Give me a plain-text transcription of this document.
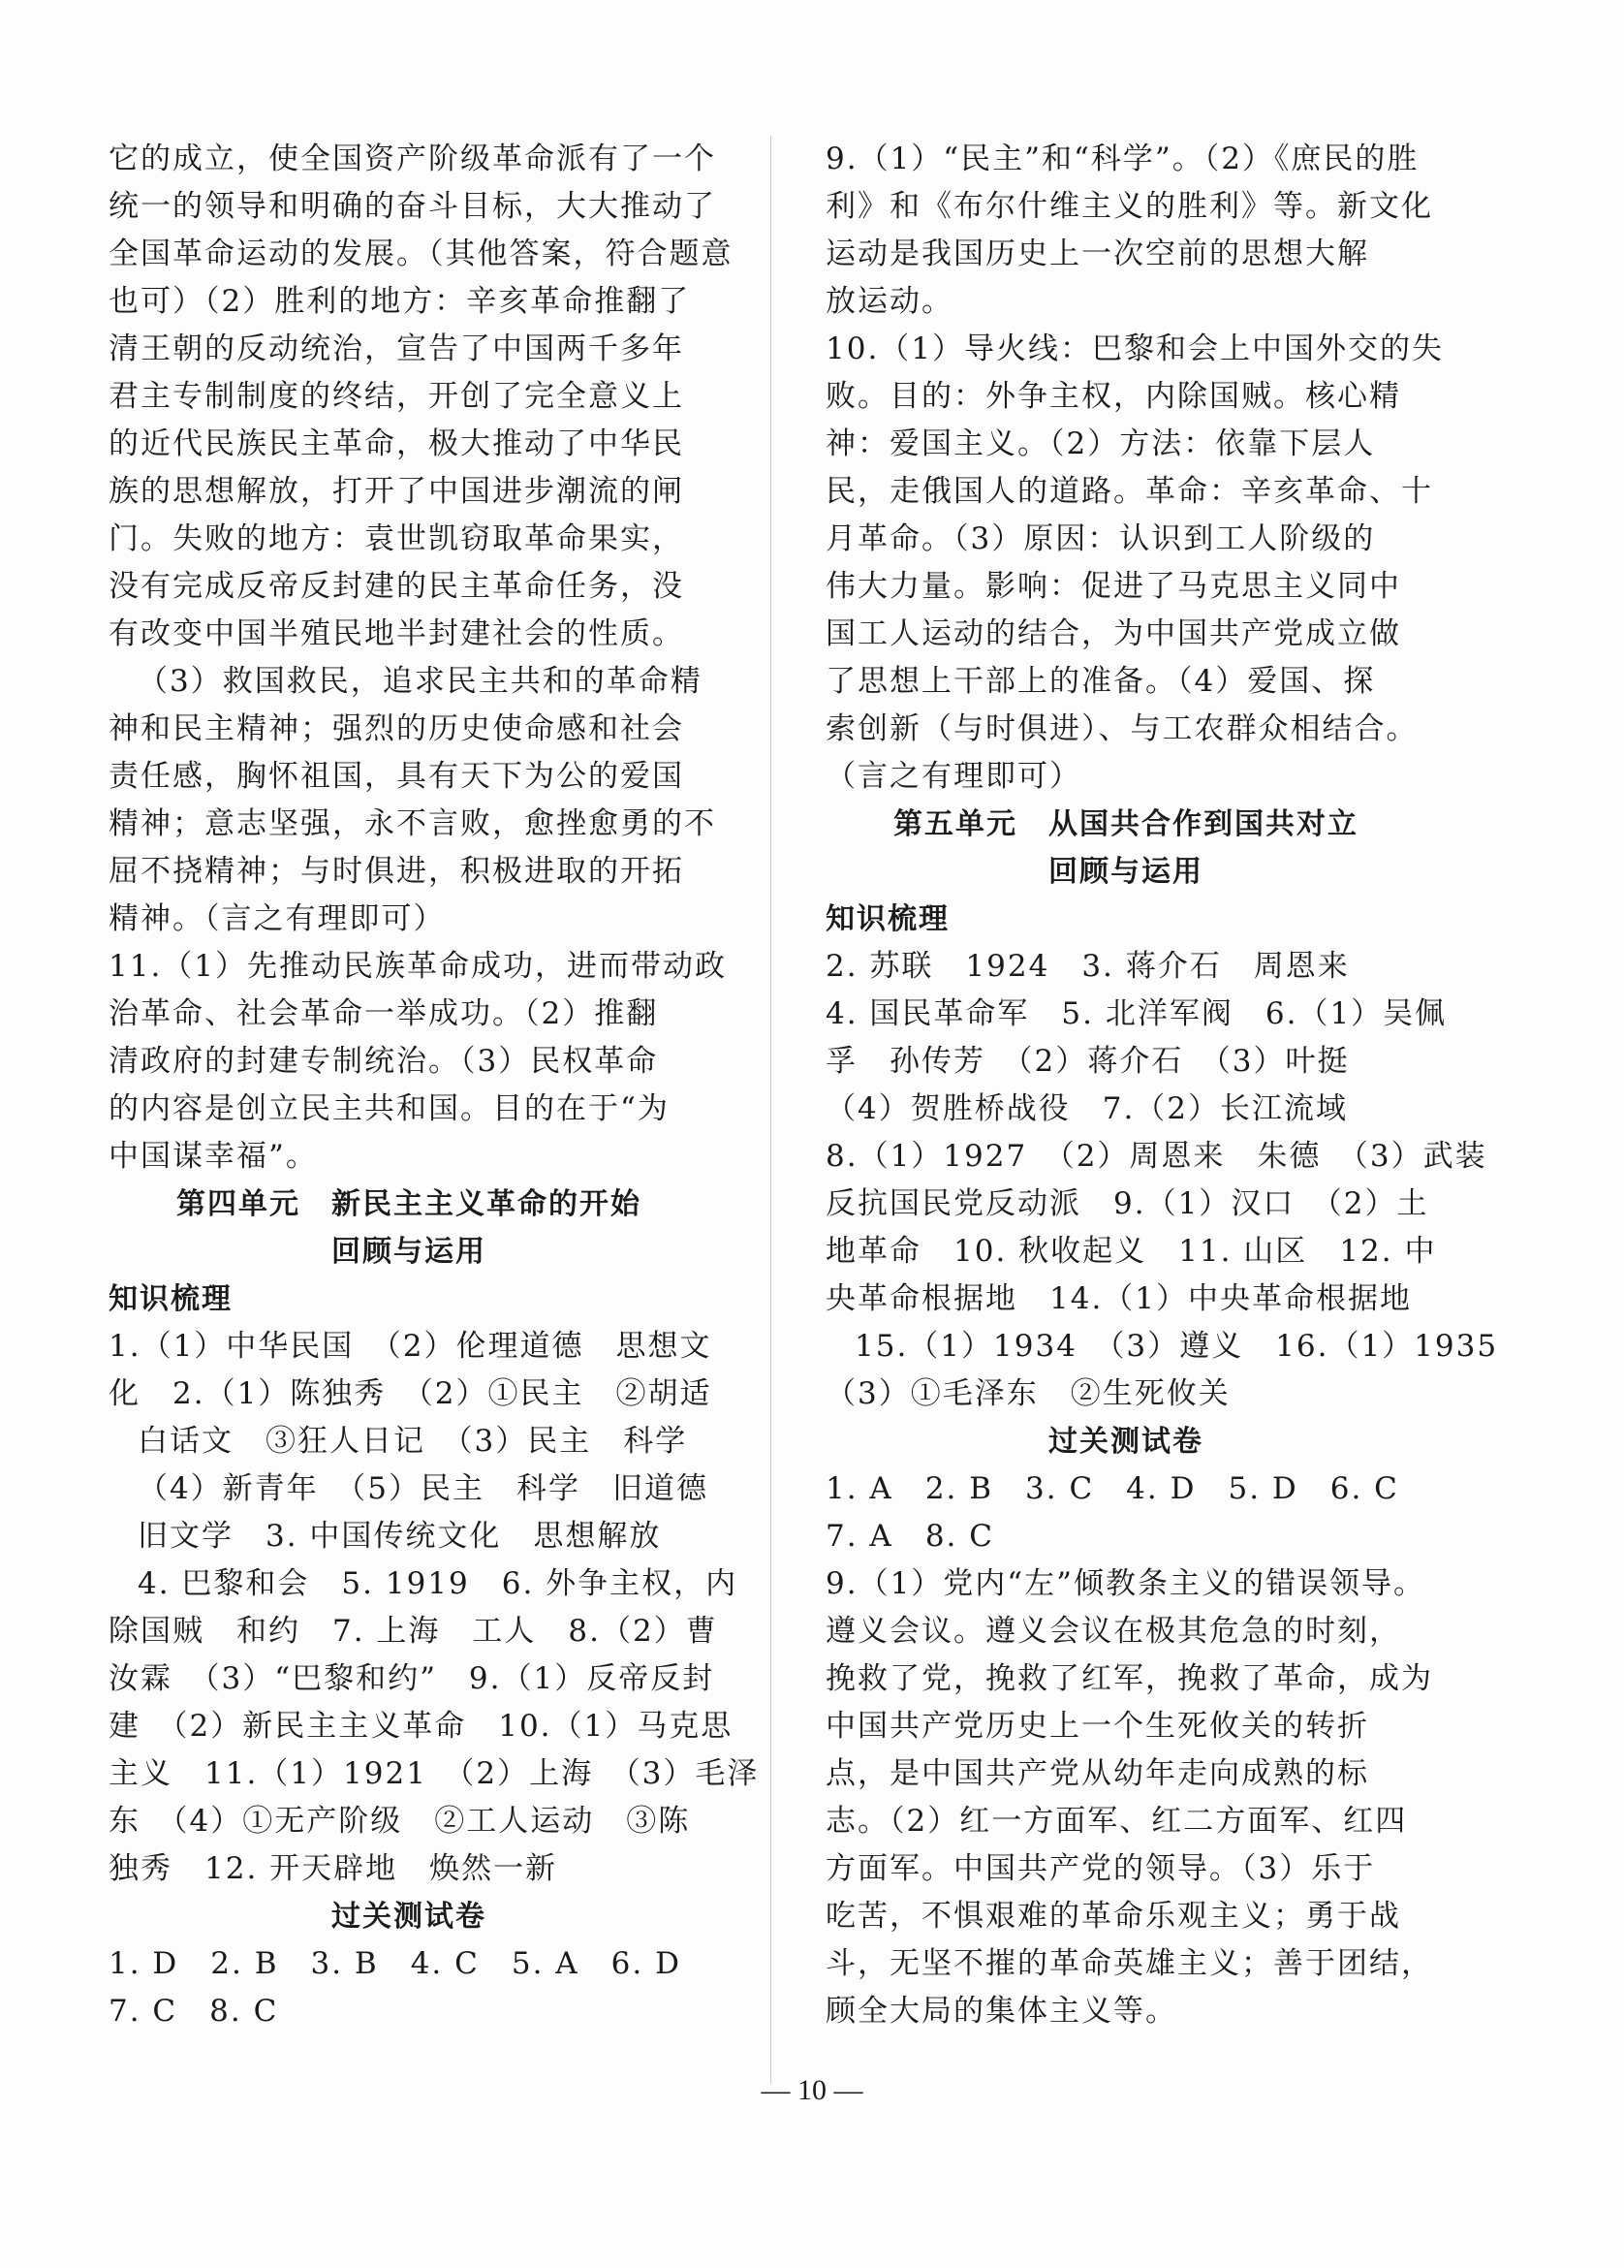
它的成立，使全国资产阶级革命派有了一个
统一的领导和明确的奋斗目标，大大推动了
全国革命运动的发展。（其他答案，符合题意
也可）（2）胜利的地方：辛亥革命推翻了
清王朝的反动统治，宣告了中国两千多年
君主专制制度的终结，开创了完全意义上
的近代民族民主革命，极大推动了中华民
族的思想解放，打开了中国进步潮流的闸
门。失败的地方：袁世凯窃取革命果实，
没有完成反帝反封建的民主革命任务，没
有改变中国半殖民地半封建社会的性质。
（3）救国救民，追求民主共和的革命精
神和民主精神；强烈的历史使命感和社会
责任感，胸怀祖国，具有天下为公的爱国
精神；意志坚强，永不言败，愈挫愈勇的不
屈不挠精神；与时俱进，积极进取的开拓
精神。（言之有理即可）
11.（1）先推动民族革命成功，进而带动政
治革命、社会革命一举成功。（2）推翻
清政府的封建专制统治。（3）民权革命
的内容是创立民主共和国。目的在于“为
中国谋幸福”。
第四单元　新民主主义革命的开始
回顾与运用
知识梳理
1.（1）中华民国　（2）伦理道德　思想文
化　2.（1）陈独秀　（2）①民主　②胡适
白话文　③狂人日记　（3）民主　科学
（4）新青年　（5）民主　科学　旧道德
旧文学　3. 中国传统文化　思想解放
4. 巴黎和会　5. 1919　6. 外争主权，内
除国贼　和约　7. 上海　工人　8.（2）曹
汝霖　（3）“巴黎和约”　9.（1）反帝反封
建　（2）新民主主义革命　10.（1）马克思
主义　11.（1）1921　（2）上海　（3）毛泽
东　（4）①无产阶级　②工人运动　③陈
独秀　12. 开天辟地　焕然一新
过关测试卷
1. D　2. B　3. B　4. C　5. A　6. D
7. C　8. C
9.（1）“民主”和“科学”。（2）《庶民的胜
利》和《布尔什维主义的胜利》等。新文化
运动是我国历史上一次空前的思想大解
放运动。
10.（1）导火线：巴黎和会上中国外交的失
败。目的：外争主权，内除国贼。核心精
神：爱国主义。（2）方法：依靠下层人
民，走俄国人的道路。革命：辛亥革命、十
月革命。（3）原因：认识到工人阶级的
伟大力量。影响：促进了马克思主义同中
国工人运动的结合，为中国共产党成立做
了思想上干部上的准备。（4）爱国、探
索创新（与时俱进）、与工农群众相结合。
（言之有理即可）
第五单元　从国共合作到国共对立
回顾与运用
知识梳理
2. 苏联　1924　3. 蒋介石　周恩来
4. 国民革命军　5. 北洋军阀　6.（1）吴佩
孚　孙传芳　（2）蒋介石　（3）叶挺
（4）贺胜桥战役　7.（2）长江流域
8.（1）1927　（2）周恩来　朱德　（3）武装
反抗国民党反动派　9.（1）汉口　（2）土
地革命　10. 秋收起义　11. 山区　12. 中
央革命根据地　14.（1）中央革命根据地
15.（1）1934　（3）遵义　16.（1）1935
（3）①毛泽东　②生死攸关
过关测试卷
1. A　2. B　3. C　4. D　5. D　6. C
7. A　8. C
9.（1）党内“左”倾教条主义的错误领导。
遵义会议。遵义会议在极其危急的时刻，
挽救了党，挽救了红军，挽救了革命，成为
中国共产党历史上一个生死攸关的转折
点，是中国共产党从幼年走向成熟的标
志。（2）红一方面军、红二方面军、红四
方面军。中国共产党的领导。（3）乐于
吃苦，不惧艰难的革命乐观主义；勇于战
斗，无坚不摧的革命英雄主义；善于团结，
顾全大局的集体主义等。
— 10 —
